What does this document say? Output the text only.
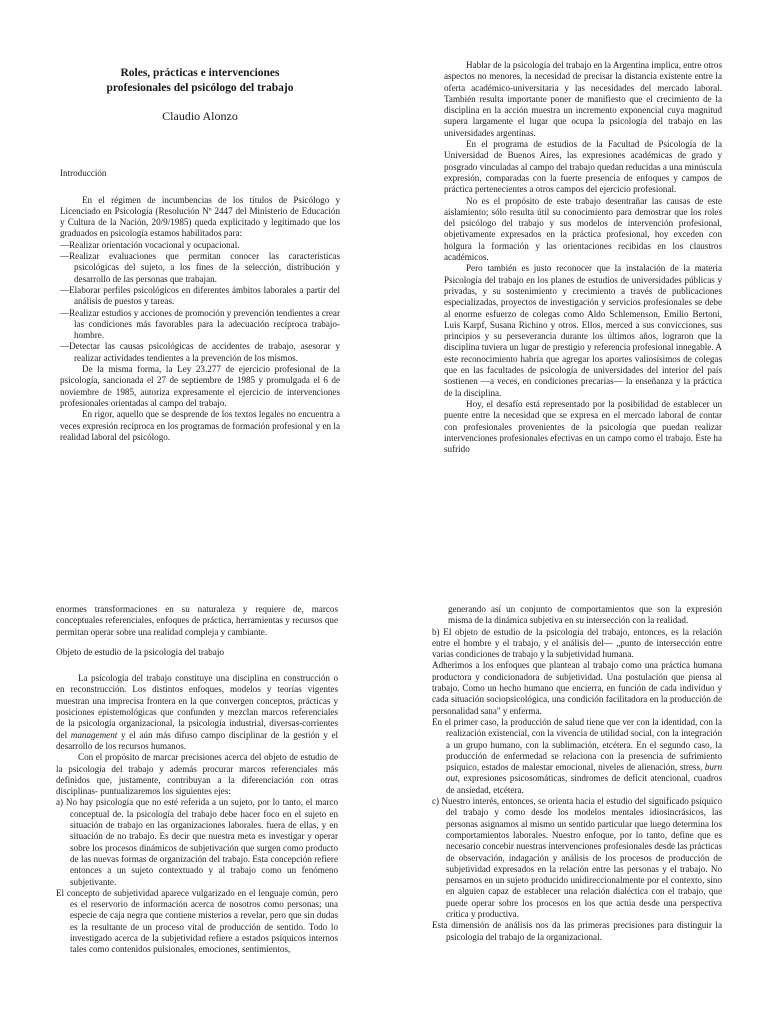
Roles, prácticas e intervenciones profesionales del psicólogo del trabajo
Claudio Alonzo

Introducción

En el régimen de incumbencias de los títulos de Psicólogo y Licenciado en Psicología (Resolución Nº 2447 del Ministerio de Educación y Cultura de la Nación, 20/9/1985) queda explicitado y legitimado que los graduados en psicología estamos habilitados para:

—Realizar orientación vocacional y ocupacional.

—Realizar evaluaciones que permitan conocer las características psicológicas del sujeto, a los fines de la selección, distribución y desarrollo de las personas que trabajan.

—Elaborar perfiles psicológicos en diferentes ámbitos laborales a partir del análisis de puestos y tareas.

—Realizar estudios y acciones de promoción y prevención tendientes a crear las condiciones más favorables para la adecuación recíproca trabajo-hombre.

—Detectar las causas psicológicas de accidentes de trabajo, asesorar y realizar actividades tendientes a la prevención de los mismos.

De la misma forma, la Ley 23.277 de ejercicio profesional de la psicología, sancionada el 27 de septiembre de 1985 y promulgada el 6 de noviembre de 1985, autoriza expresamente el ejercicio de intervenciones profesionales orientadas al campo del trabajo.

En rigor, aquello que se desprende de los textos legales no encuentra a veces expresión recíproca en los programas de formación profesional y en la realidad laboral del psicólogo.

Hablar de la psicología del trabajo en la Argentina implica, entre otros aspectos no menores, la necesidad de precisar la distancia existente entre la oferta académico-universitaria y las necesidades del mercado laboral. También resulta importante poner de manifiesto que el crecimiento de la disciplina en la acción muestra un incremento exponencial cuya magnitud supera largamente el lugar que ocupa la psicología del trabajo en las universidades argentinas.

En el programa de estudios de la Facultad de Psicología de la Universidad de Buenos Aires, las expresiones académicas de grado y posgrado vinculadas al campo del trabajo quedan reducidas a una minúscula expresión, comparadas con la fuerte presencia de enfoques y campos de práctica pertenecientes a otros campos del ejercicio profesional.

No es el propósito de este trabajo desentrañar las causas de este aislamiento; sólo resulta útil su conocimiento para demostrar que los roles del psicólogo del trabajo y sus modelos de intervención profesional, objetivamente expresados en la práctica profesional, hoy exceden con holgura la formación y las orientaciones recibidas en los claustros académicos.

Pero también es justo reconocer que la instalación de la materia Psicología del trabajo en los planes de estudios de universidades públicas y privadas, y su sostenimiento y crecimiento a través de publicaciones especializadas, proyectos de investigación y servicios profesionales se debe al enorme esfuerzo de colegas como Aldo Schlemenson, Emilio Bertoni, Luis Karpf, Susana Richino y otros. Ellos, merced a sus convicciones, sus principios y su perseverancia durante los últimos años, lograron que la disciplina tuviera un lugar de prestigio y referencia profesional innegable. A este reconocimiento habría que agregar los aportes valiosísimos de colegas que en las facultades de psicología de universidades del interior del país sostienen —a veces, en condiciones precarias— la enseñanza y la práctica de la disciplina.

Hoy, el desafío está representado por la posibilidad de establecer un puente entre la necesidad que se expresa en el mercado laboral de contar con profesionales provenientes de la psicología que puedan realizar intervenciones profesionales efectivas en un campo como el trabajo. Este ha sufrido

enormes transformaciones en su naturaleza y requiere de, marcos conceptuales referenciales, enfoques de práctica, herramientas y recursos que permitan operar sobre una realidad compleja y cambiante.

Objeto de estudio de la psicología del trabajo

La psicología del trabajo constituye una disciplina en construcción o en reconstrucción. Los distintos enfoques, modelos y teorías vigentes muestran una imprecisa frontera en la que convergen conceptos, prácticas y posiciones epistemológicas que confunden y mezclan marcos referenciales de la psicología organizacional, la psicología industrial, diversas-corrientes del management y el aún más difuso campo disciplinar de la gestión y el desarrollo de los recursos humanos.

Con el propósito de marcar precisiones acerca del objeto de estudio de la psicología del trabajo y además procurar marcos referenciales más definidos que, justamente, contribuyan a la diferenciación con otras disciplinas- puntualizaremos los siguientes ejes:

a) No hay psicología que no esté referida a un sujeto, por lo tanto, el marco conceptual de. la psicología del trabajo debe hacer foco en el sujeto en situación de trabajo en las organizaciones laborales. fuera de ellas, y en situación de no trabajo. Es decir que nuestra meta es investigar y operar sobre los procesos dinámicos de subjetivación que surgen como producto de las nuevas formas de organización del trabajo. Esta concepción refiere entonces a un sujeto contextuado y al trabajo como un fenómeno subjetivante.

El concepto de subjetividad aparece vulgarizado en el lenguaje común, pero es el reservorio de información acerca de nosotros como personas; una especie de caja negra que contiene misterios a revelar, pero que sin dudas es la resultante de un proceso vital de producción de sentido. Todo lo investigado acerca de la subjetividad refiere a estados psíquicos internos tales como contenidos pulsionales, emociones, sentimientos,

generando así un conjunto de comportamientos que son la expresión misma de la dinámica subjetiva en su intersección con la realidad.

b) El objeto de estudio de la psicología del trabajo, entonces, es la relación entre el hombre y el trabajo, y el análisis del— „punto de intersección entre varias condiciones de trabajo y la subjetividad humana.

Adherimos a los enfoques que plantean al trabajo como una práctica humana productora y condicionadora de subjetividad. Una postulación que piensa al trabajo. Como un hecho humano que encierra, en función de cada individuo y cada situación sociopsicológica, una condición facilitadora en la producción de personalidad sana" y enferma.

En el primer caso, la producción de salud tiene que ver con la identidad, con la realización existencial, con la vivencia de utilidad social, con la integración a un grupo humano, con la sublimación, etcétera. En el segundo caso, la producción de enfermedad se relaciona con la presencia de sufrimiento psíquico, estados de malestar emocional, niveles de alienación, stress, burn out, expresiones psicosomáticas, síndromes de deficit atencional, cuadros de ansiedad, etcétera.

c) Nuestro interés, entonces, se orienta hacia el estudio del significado psíquico del trabajo y como desde los modelos mentales idiosincrásicos, las personas asignamos al mismo un sentido particular que luego determina los comportamientos laborales. Nuestro enfoque, por lo tanto, define que es necesario concebir nuestras intervenciones profesionales desde las prácticas de observación, indagación y análisis de los procesos de producción de subjetividad expresados en la relación entre las personas y el trabajo. No pensamos en un sujeto producido unidireccionalmente por el contexto, sino en alguien capaz de establecer una relación dialéctica con el trabajo, que puede operar sobre los procesos en los que actúa desde una perspectiva crítica y productiva.

Esta dimensión de análisis nos da las primeras precisiones para distinguir la psicología del trabajo de la organizacional.
